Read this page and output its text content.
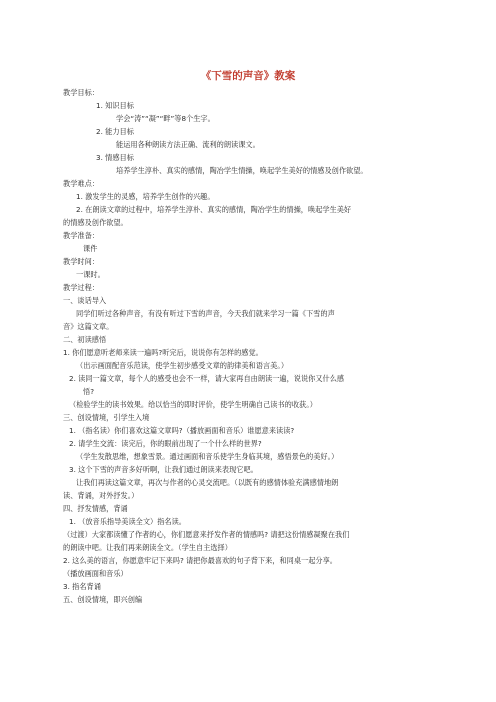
《下雪的声音》教案
教学目标：
1. 知识目标
学会“涛”“凝”“畔”等8个生字。
2. 能力目标
能运用各种朗读方法正确、流利的朗读课文。
3. 情感目标
培养学生淳朴、真实的感情，陶冶学生情操，唤起学生美好的情感及创作欲望。
教学难点：
1. 激发学生的灵感，培养学生创作的兴趣。
2. 在朗读文章的过程中，培养学生淳朴、真实的感情，陶冶学生的情操，唤起学生美好
的情感及创作欲望。
教学准备：
课件
教学时间：
一课时。
教学过程：
一、谈话导入
同学们听过各种声音，有没有听过下雪的声音，今天我们就来学习一篇《下雪的声
音》这篇文章。
二、初读感悟
1. 你们愿意听老师来读一遍吗?听完后，说说你有怎样的感觉。
（出示画面配音乐范读，使学生初步感受文章的韵律美和语言美。）
2. 读同一篇文章，每个人的感受也会不一样，请大家再自由朗读一遍，说说你又什么感
悟?
（检验学生的读书效果。给以恰当的即时评价，使学生明确自己读书的收获。）
三、创设情境，引学生入境
1. （指名读）你们喜欢这篇文章吗?（播放画面和音乐）谁愿意来读读?
2. 请学生交流：读完后，你的眼前出现了一个什么样的世界?
（学生发散思维，想象雪景。通过画面和音乐使学生身临其境，感悟景色的美好。）
3. 这个下雪的声音多好听啊，让我们通过朗读来表现它吧。
让我们再读这篇文章，再次与作者的心灵交流吧。（以既有的感情体验充满感情地朗
读、背诵，对外抒发。）
四、抒发情感，背诵
1. （放音乐指导美读全文）指名读。
（过渡）大家都读懂了作者的心，你们愿意来抒发作者的情感吗? 请把这份情感凝聚在我们
的朗读中吧。让我们再来朗读全文。（学生自主选择）
2. 这么美的语言，你愿意牢记下来吗? 请把你最喜欢的句子背下来，和同桌一起分享。
（播放画面和音乐）
3. 指名背诵
五、创设情境，即兴创编
